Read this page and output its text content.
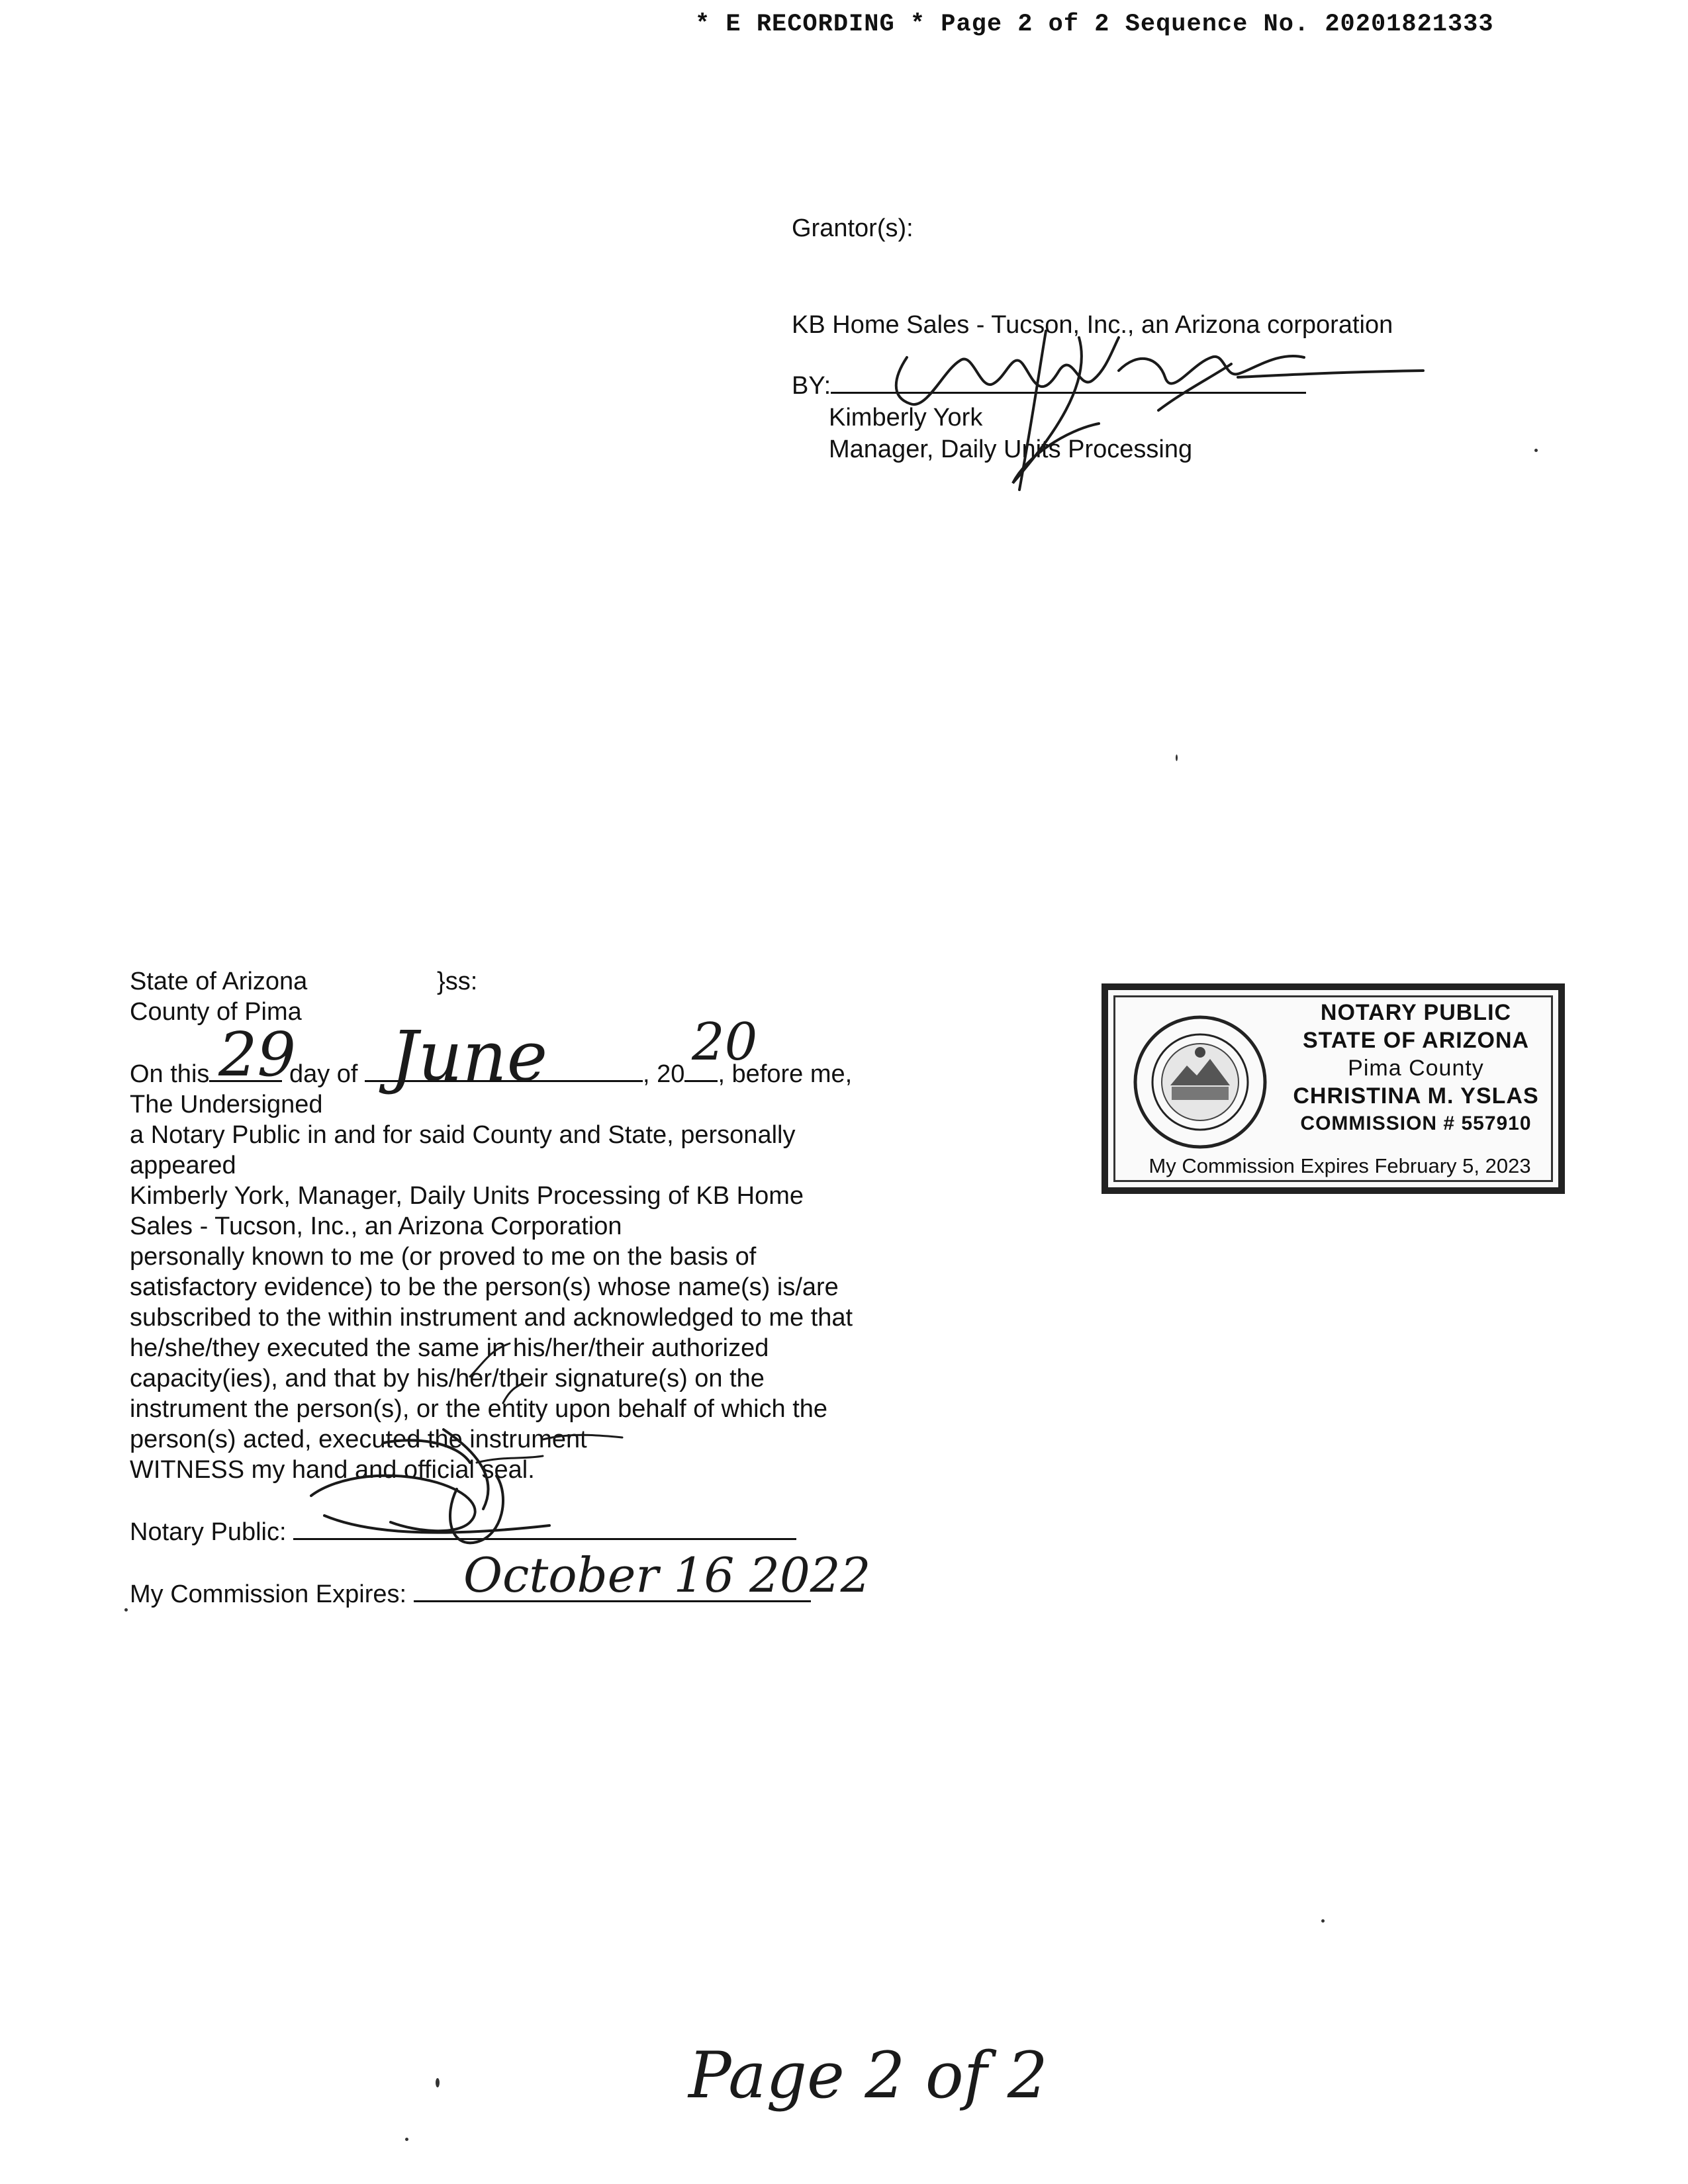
* E RECORDING * Page 2 of 2 Sequence No. 20201821333
Grantor(s):
KB Home Sales - Tucson, Inc., an Arizona corporation
BY:
Kimberly York
Manager, Daily Units Processing
State of Arizona	}ss:
County of Pima
On this	day of	, 20 , before me,
29 June	20
The Undersigned
a Notary Public in and for said County and State, personally
appeared
Kimberly York, Manager, Daily Units Processing of KB Home
Sales - Tucson, Inc., an Arizona Corporation
personally known to me (or proved to me on the basis of
satisfactory evidence) to be the person(s) whose name(s) is/are
subscribed to the within instrument and acknowledged to me that
he/she/they executed the same in his/her/their authorized
capacity(ies), and that by his/her/their signature(s) on the
instrument the person(s), or the entity upon behalf of which the
person(s) acted, executed the instrument
WITNESS my hand and official seal.
Notary Public:
My Commission Expires:	October 16 2022
NOTARY PUBLIC
STATE OF ARIZONA
Pima County
CHRISTINA M. YSLAS
COMMISSION # 557910
My Commission Expires February 5, 2023
Page 2 of 2
